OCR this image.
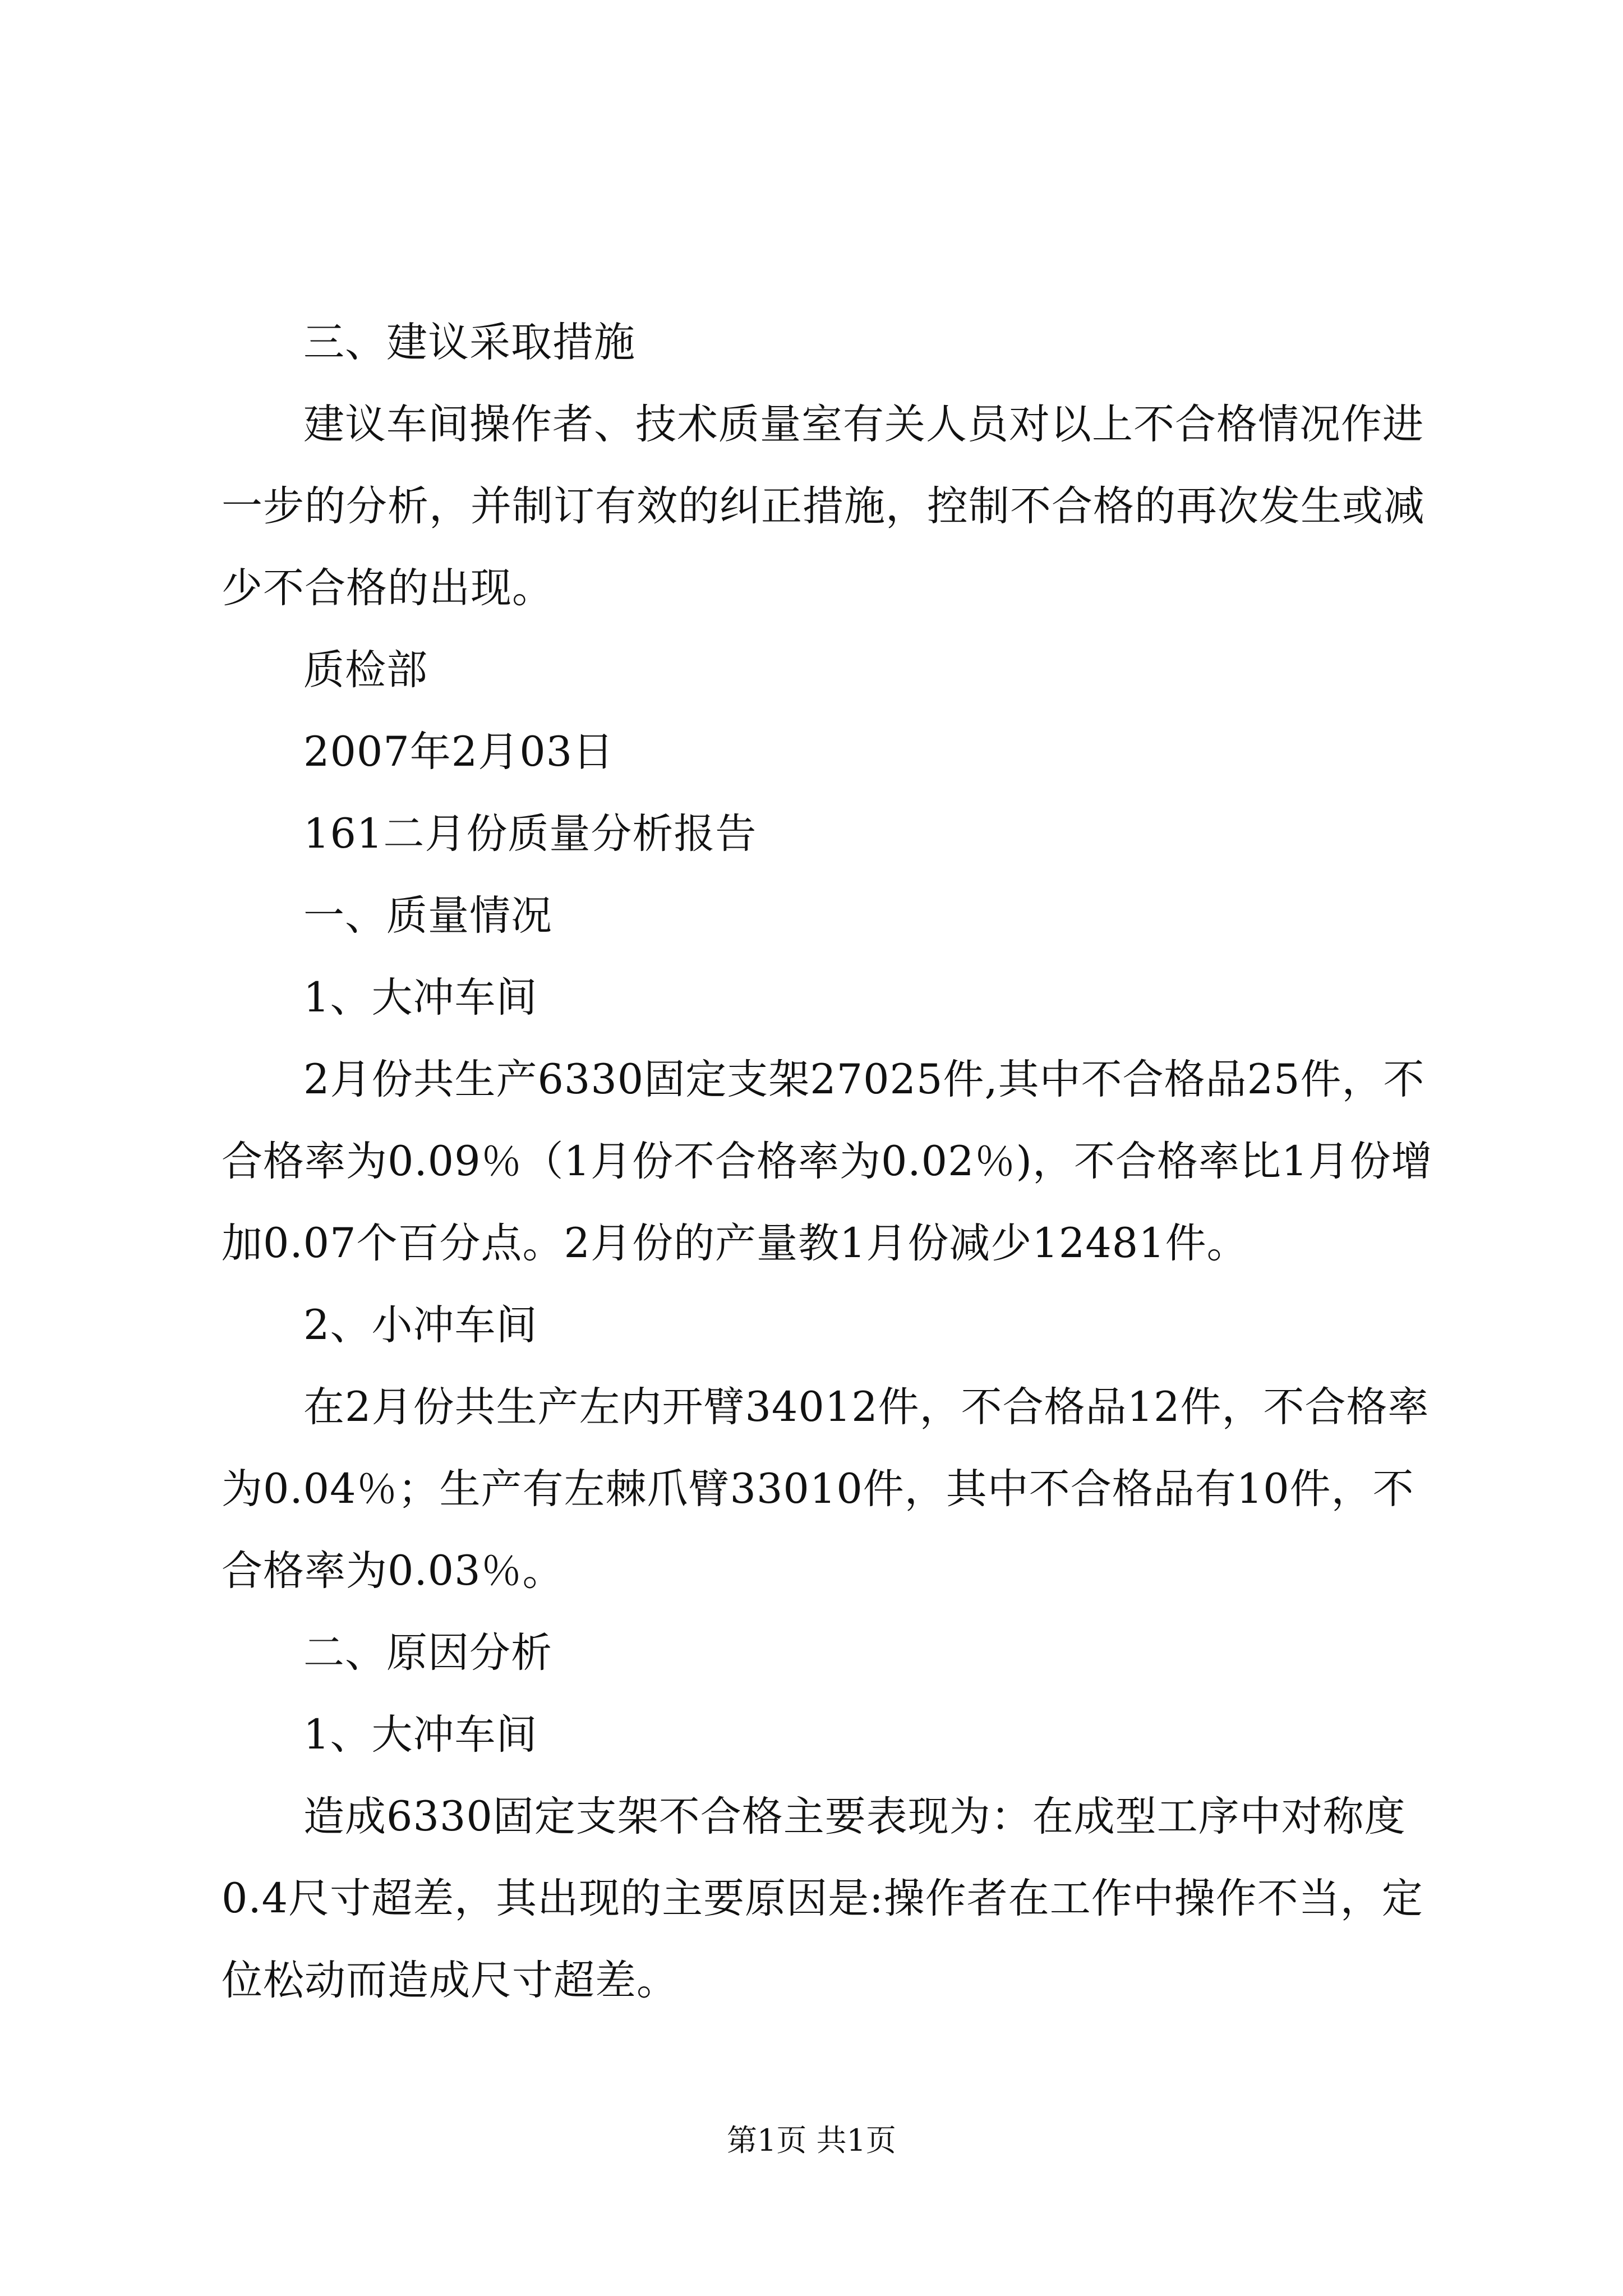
三、建议采取措施

建议车间操作者、技术质量室有关人员对以上不合格情况作进一步的分析，并制订有效的纠正措施，控制不合格的再次发生或减少不合格的出现。

质检部

2007年2月03日

161二月份质量分析报告

一、质量情况

1、大冲车间

2月份共生产6330固定支架27025件,其中不合格品25件，不合格率为0.09％（1月份不合格率为0.02％)，不合格率比1月份增加0.07个百分点。2月份的产量教1月份减少12481件。

2、小冲车间

在2月份共生产左内开臂34012件，不合格品12件，不合格率为0.04％；生产有左棘爪臂33010件，其中不合格品有10件，不合格率为0.03％。

二、原因分析

1、大冲车间

造成6330固定支架不合格主要表现为：在成型工序中对称度0.4尺寸超差，其出现的主要原因是:操作者在工作中操作不当，定位松动而造成尺寸超差。

第1页 共1页
